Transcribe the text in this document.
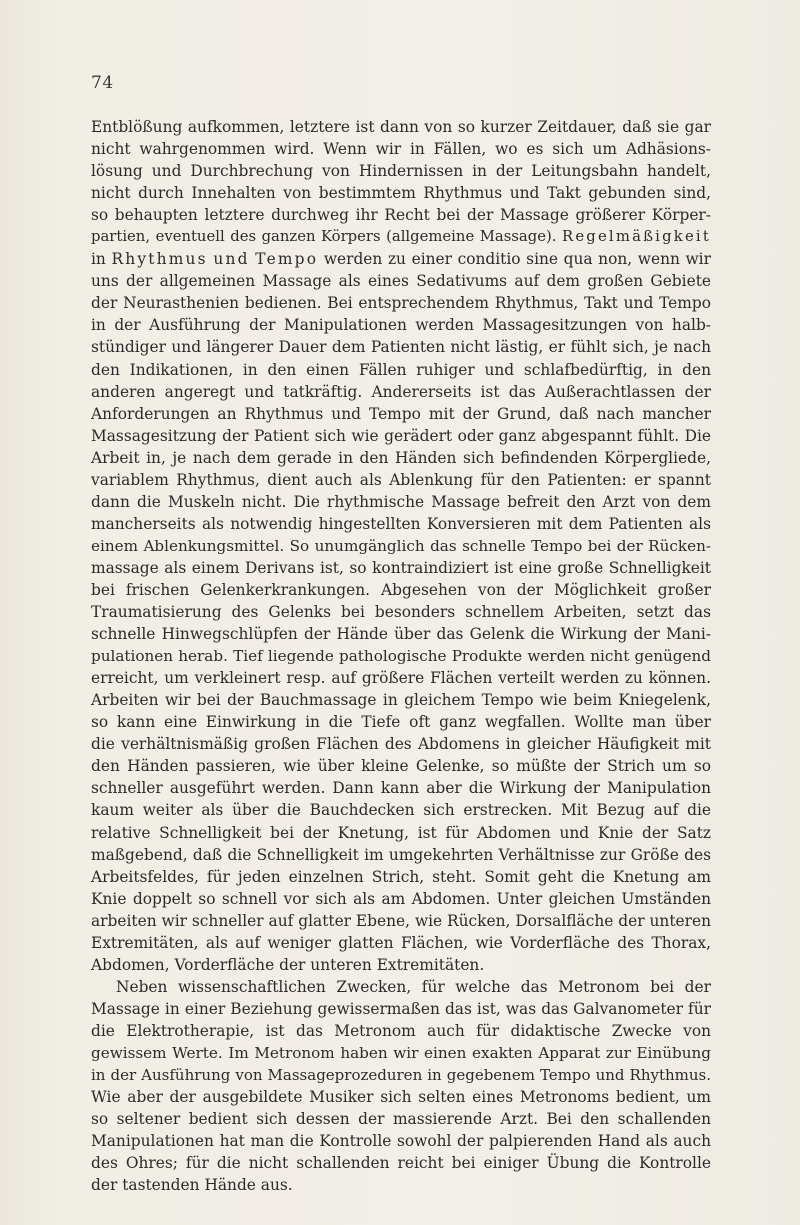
74
Entblößung aufkommen, letztere ist dann von so kurzer Zeitdauer, daß sie gar
nicht wahrgenommen wird. Wenn wir in Fällen, wo es sich um Adhäsions-
lösung und Durchbrechung von Hindernissen in der Leitungsbahn handelt,
nicht durch Innehalten von bestimmtem Rhythmus und Takt gebunden sind,
so behaupten letztere durchweg ihr Recht bei der Massage größerer Körper-
partien, eventuell des ganzen Körpers (allgemeine Massage). Regelmäßigkeit
in Rhythmus und Tempo werden zu einer conditio sine qua non, wenn wir
uns der allgemeinen Massage als eines Sedativums auf dem großen Gebiete
der Neurasthenien bedienen. Bei entsprechendem Rhythmus, Takt und Tempo
in der Ausführung der Manipulationen werden Massagesitzungen von halb-
stündiger und längerer Dauer dem Patienten nicht lästig, er fühlt sich, je nach
den Indikationen, in den einen Fällen ruhiger und schlafbedürftig, in den
anderen angeregt und tatkräftig. Andererseits ist das Außerachtlassen der
Anforderungen an Rhythmus und Tempo mit der Grund, daß nach mancher
Massagesitzung der Patient sich wie gerädert oder ganz abgespannt fühlt. Die
Arbeit in, je nach dem gerade in den Händen sich befindenden Körpergliede,
variablem Rhythmus, dient auch als Ablenkung für den Patienten: er spannt
dann die Muskeln nicht. Die rhythmische Massage befreit den Arzt von dem
mancherseits als notwendig hingestellten Konversieren mit dem Patienten als
einem Ablenkungsmittel. So unumgänglich das schnelle Tempo bei der Rücken-
massage als einem Derivans ist, so kontraindiziert ist eine große Schnelligkeit
bei frischen Gelenkerkrankungen. Abgesehen von der Möglichkeit großer
Traumatisierung des Gelenks bei besonders schnellem Arbeiten, setzt das
schnelle Hinwegschlüpfen der Hände über das Gelenk die Wirkung der Mani-
pulationen herab. Tief liegende pathologische Produkte werden nicht genügend
erreicht, um verkleinert resp. auf größere Flächen verteilt werden zu können.
Arbeiten wir bei der Bauchmassage in gleichem Tempo wie beim Kniegelenk,
so kann eine Einwirkung in die Tiefe oft ganz wegfallen. Wollte man über
die verhältnismäßig großen Flächen des Abdomens in gleicher Häufigkeit mit
den Händen passieren, wie über kleine Gelenke, so müßte der Strich um so
schneller ausgeführt werden. Dann kann aber die Wirkung der Manipulation
kaum weiter als über die Bauchdecken sich erstrecken. Mit Bezug auf die
relative Schnelligkeit bei der Knetung, ist für Abdomen und Knie der Satz
maßgebend, daß die Schnelligkeit im umgekehrten Verhältnisse zur Größe des
Arbeitsfeldes, für jeden einzelnen Strich, steht. Somit geht die Knetung am
Knie doppelt so schnell vor sich als am Abdomen. Unter gleichen Umständen
arbeiten wir schneller auf glatter Ebene, wie Rücken, Dorsalfläche der unteren
Extremitäten, als auf weniger glatten Flächen, wie Vorderfläche des Thorax,
Abdomen, Vorderfläche der unteren Extremitäten.
Neben wissenschaftlichen Zwecken, für welche das Metronom bei der
Massage in einer Beziehung gewissermaßen das ist, was das Galvanometer für
die Elektrotherapie, ist das Metronom auch für didaktische Zwecke von
gewissem Werte. Im Metronom haben wir einen exakten Apparat zur Einübung
in der Ausführung von Massageprozeduren in gegebenem Tempo und Rhythmus.
Wie aber der ausgebildete Musiker sich selten eines Metronoms bedient, um
so seltener bedient sich dessen der massierende Arzt. Bei den schallenden
Manipulationen hat man die Kontrolle sowohl der palpierenden Hand als auch
des Ohres; für die nicht schallenden reicht bei einiger Übung die Kontrolle
der tastenden Hände aus.
